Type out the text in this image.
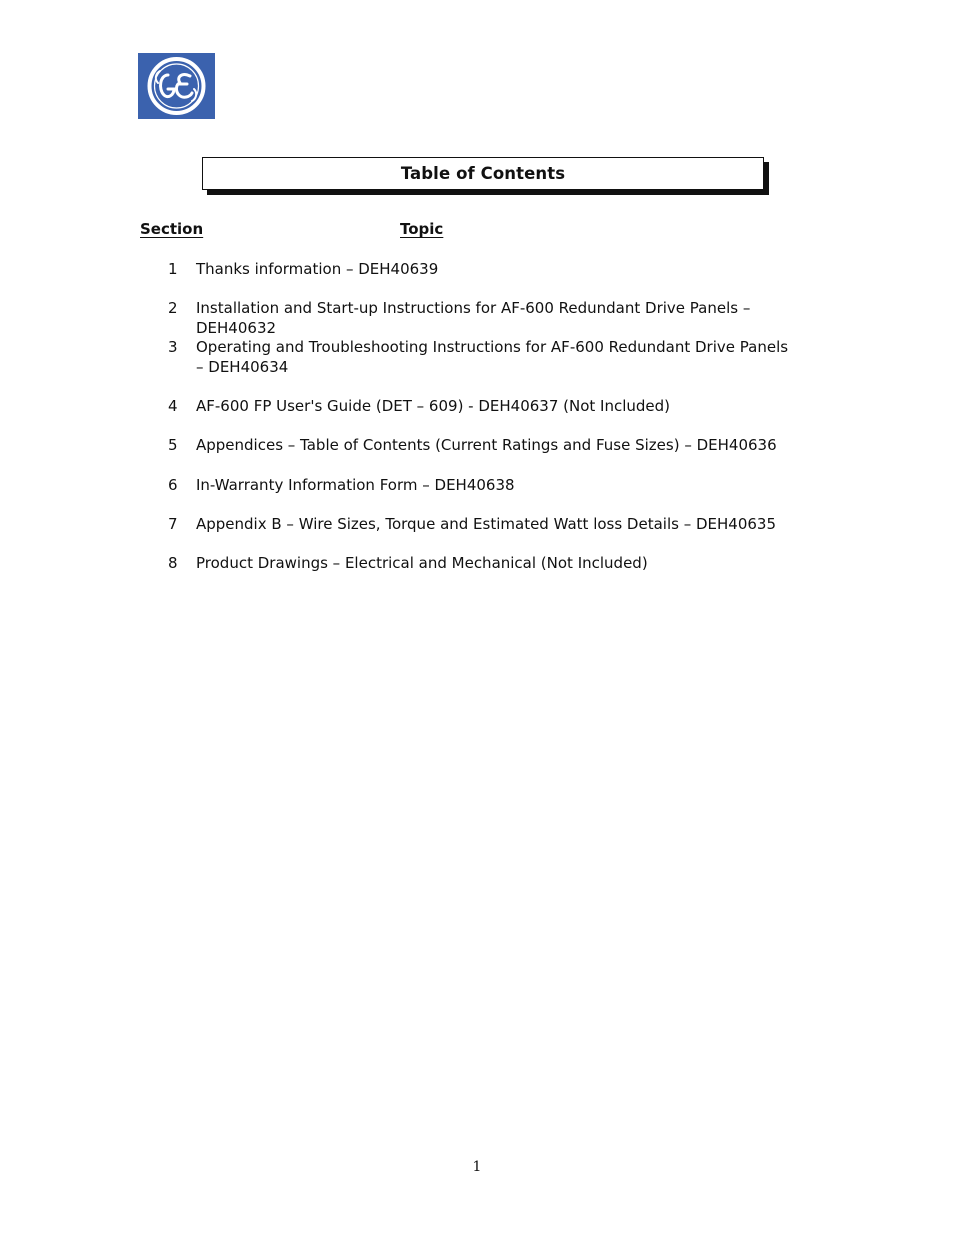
Table of Contents
Section	Topic
1 Thanks information – DEH40639
2 Installation and Start-up Instructions for AF-600 Redundant Drive Panels – DEH40632
3 Operating and Troubleshooting Instructions for AF-600 Redundant Drive Panels – DEH40634
4 AF-600 FP User's Guide (DET – 609) - DEH40637 (Not Included)
5 Appendices – Table of Contents (Current Ratings and Fuse Sizes) – DEH40636
6 In-Warranty Information Form – DEH40638
7 Appendix B – Wire Sizes, Torque and Estimated Watt loss Details – DEH40635
8 Product Drawings – Electrical and Mechanical (Not Included)
1
